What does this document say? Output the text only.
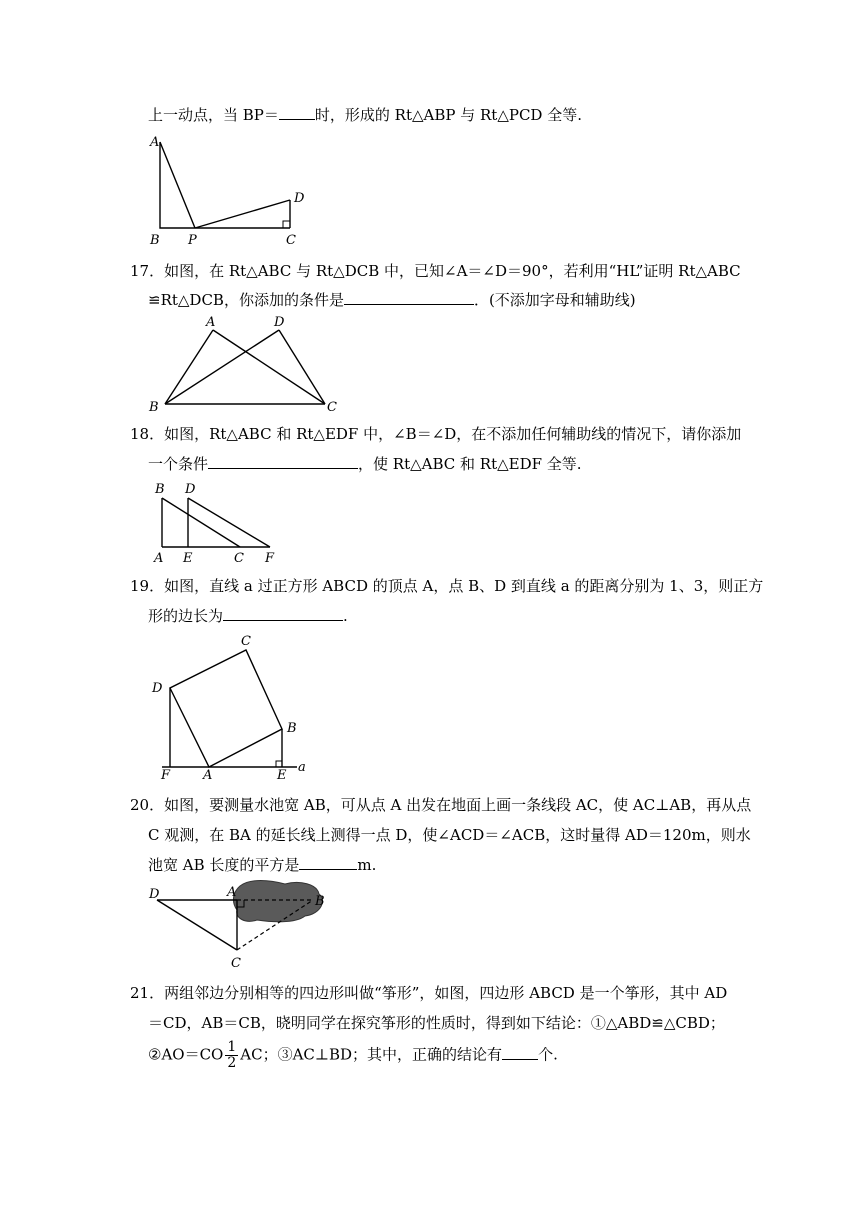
上一动点，当 BP＝ 时，形成的 Rt△ABP 与 Rt△PCD 全等.
A
B P	C
D
17．如图，在 Rt△ABC 与 Rt△DCB 中，已知∠A＝∠D＝90°，若利用“HL”证明 Rt△ABC
≌Rt△DCB，你添加的条件是	．(不添加字母和辅助线)
A	D
B	C
18．如图，Rt△ABC 和 Rt△EDF 中，∠B＝∠D，在不添加任何辅助线的情况下，请你添加
一个条件	，使 Rt△ABC 和 Rt△EDF 全等.
B D
A E	C F
19．如图，直线 a 过正方形 ABCD 的顶点 A，点 B、D 到直线 a 的距离分别为 1、3，则正方
形的边长为	.
C
D
B
F	A	E
a
20．如图，要测量水池宽 AB，可从点 A 出发在地面上画一条线段 AC，使 AC⊥AB，再从点
C 观测，在 BA 的延长线上测得一点 D，使∠ACD＝∠ACB，这时量得 AD＝120m，则水
池宽 AB 长度的平方是	m.
D	A
B
C
21．两组邻边分别相等的四边形叫做“筝形”，如图，四边形 ABCD 是一个筝形，其中 AD
＝CD，AB＝CB，晓明同学在探究筝形的性质时，得到如下结论：①△ABD≌△CBD；
②AO＝CO $\frac{1}{2}$ AC；③AC⊥BD；其中，正确的结论有 个.
